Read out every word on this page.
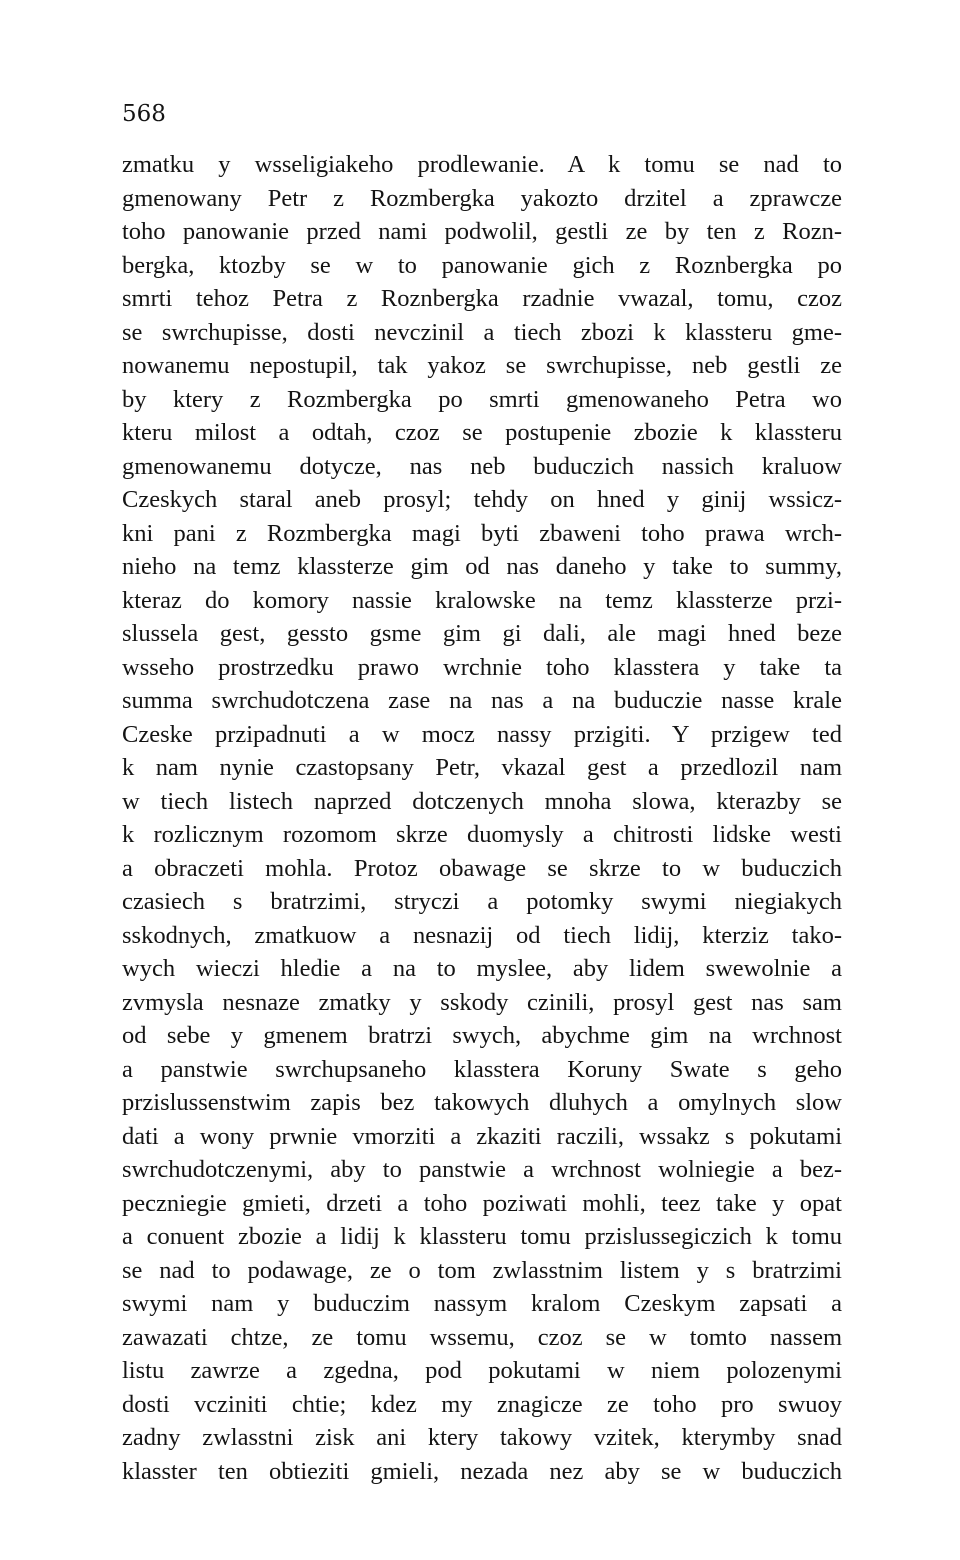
568

zmatku y wsseligiakeho prodlewanie. A k tomu se nad to
gmenowany Petr z Rozmbergka yakozto drzitel a zprawcze
toho panowanie przed nami podwolil, gestli ze by ten z Rozn-
bergka, ktozby se w to panowanie gich z Roznbergka po
smrti tehoz Petra z Roznbergka rzadnie vwazal, tomu, czoz
se swrchupisse, dosti nevczinil a tiech zbozi k klassteru gme-
nowanemu nepostupil, tak yakoz se swrchupisse, neb gestli ze
by ktery z Rozmbergka po smrti gmenowaneho Petra wo
kteru milost a odtah, czoz se postupenie zbozie k klassteru
gmenowanemu dotycze, nas neb buduczich nassich kraluow
Czeskych staral aneb prosyl; tehdy on hned y ginij wssicz-
kni pani z Rozmbergka magi byti zbaweni toho prawa wrch-
nieho na temz klassterze gim od nas daneho y take to summy,
kteraz do komory nassie kralowske na temz klassterze przi-
slussela gest, gessto gsme gim gi dali, ale magi hned beze
wsseho prostrzedku prawo wrchnie toho klasstera y take ta
summa swrchudotczena zase na nas a na buduczie nasse krale
Czeske przipadnuti a w mocz nassy przigiti. Y przigew ted
k nam nynie czastopsany Petr, vkazal gest a przedlozil nam
w tiech listech naprzed dotczenych mnoha slowa, kterazby se
k rozlicznym rozomom skrze duomysly a chitrosti lidske westi
a obraczeti mohla. Protoz obawage se skrze to w buduczich
czasiech s bratrzimi, stryczi a potomky swymi niegiakych
sskodnych, zmatkuow a nesnazij od tiech lidij, kterziz tako-
wych wieczi hledie a na to myslee, aby lidem swewolnie a
zvmysla nesnaze zmatky y sskody czinili, prosyl gest nas sam
od sebe y gmenem bratrzi swych, abychme gim na wrchnost
a panstwie swrchupsaneho klasstera Koruny Swate s geho
przislussenstwim zapis bez takowych dluhych a omylnych slow
dati a wony prwnie vmorziti a zkaziti raczili, wssakz s pokutami
swrchudotczenymi, aby to panstwie a wrchnost wolniegie a bez-
peczniegie gmieti, drzeti a toho poziwati mohli, teez take y opat
a conuent zbozie a lidij k klassteru tomu przislussegiczich k tomu
se nad to podawage, ze o tom zwlasstnim listem y s bratrzimi
swymi nam y buduczim nassym kralom Czeskym zapsati a
zawazati chtze, ze tomu wssemu, czoz se w tomto nassem
listu zawrze a zgedna, pod pokutami w niem polozenymi
dosti vcziniti chtie; kdez my znagicze ze toho pro swuoy
zadny zwlasstni zisk ani ktery takowy vzitek, kterymby snad
klasster ten obtieziti gmieli, nezada nez aby se w buduczich
